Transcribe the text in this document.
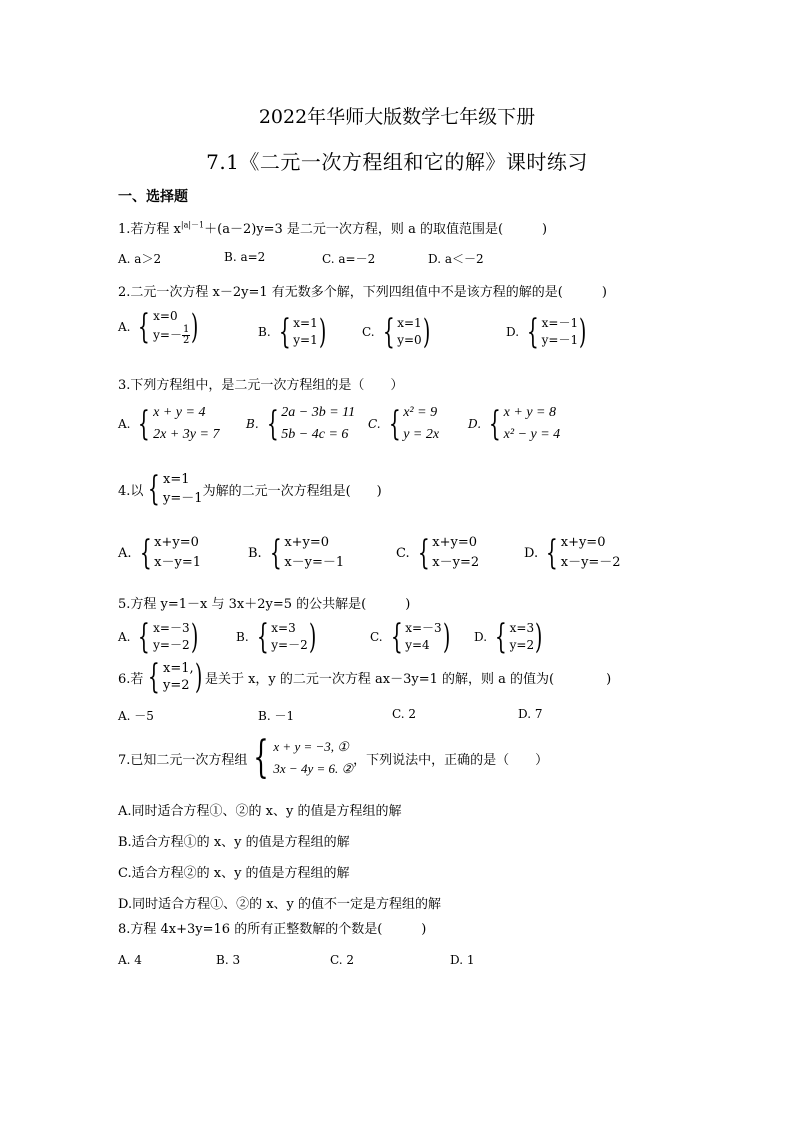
2022年华师大版数学七年级下册
7.1《二元一次方程组和它的解》课时练习
一、选择题
1.若方程 $x^{|a|-1}+(a-2)y=3$ 是二元一次方程，则 a 的取值范围是(　　　)
A. a＞2	B. a=2	C. a=－2	D. a＜－2
2.二元一次方程 x－2y=1 有无数多个解，下列四组值中不是该方程的解的是(　　　)
A. { x=0
$y=- \frac{1}{2}$ )	B. { x=1
y=1 )	C. { x=1
y=0 )	D. { x=－1
y=－1 )
3.下列方程组中，是二元一次方程组的是（　　）
A. { x + y = 4
2x + 3y = 7
B. { 2a − 3b = 11
5b − 4c = 6
C. { x² = 9
y = 2x
D. { x + y = 8
x² − y = 4
4.以 { x=1
y=－1 为解的二元一次方程组是(　　)
A. { x+y=0
x－y=1
B. { x+y=0
x－y=－1
C. { x+y=0
x－y=2
D. { x+y=0
x－y=－2
5.方程 y=1－x 与 3x＋2y=5 的公共解是(　　　)
A. { x=－3
y=－2 )	B. { x=3
y=－2 )	C. { x=－3
y=4 ) D. { x=3
y=2 )
6.若 { x=1,
y=2 ) 是关于 x，y 的二元一次方程 ax－3y=1 的解，则 a 的值为(　　　　)
A. －5	B. －1	C. 2	D. 7
7.已知二元一次方程组 { x + y = −3, ①
3x − 4y = 6. ②
，下列说法中，正确的是（　　）
A.同时适合方程①、②的 x、y 的值是方程组的解
B.适合方程①的 x、y 的值是方程组的解
C.适合方程②的 x、y 的值是方程组的解
D.同时适合方程①、②的 x、y 的值不一定是方程组的解
8.方程 4x+3y=16 的所有正整数解的个数是(　　　)
A. 4	B. 3	C. 2	D. 1
